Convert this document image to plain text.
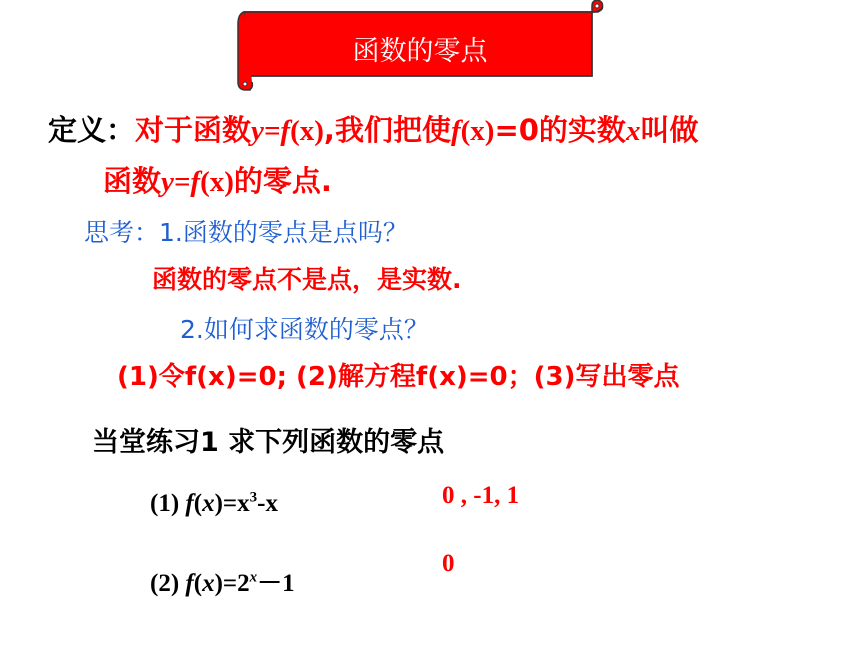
函数的零点
定义：对于函数y=f(x),我们把使f(x)=0的实数x叫做
函数y=f(x)的零点.
思考：1.函数的零点是点吗？
函数的零点不是点，是实数.
2.如何求函数的零点？
(1)令f(x)=0; (2)解方程f(x)=0；(3)写出零点
当堂练习1 求下列函数的零点
(1) $f(x)=x^3-x$	0 , -1, 1
(2) $f(x)=2^x-1$
0
